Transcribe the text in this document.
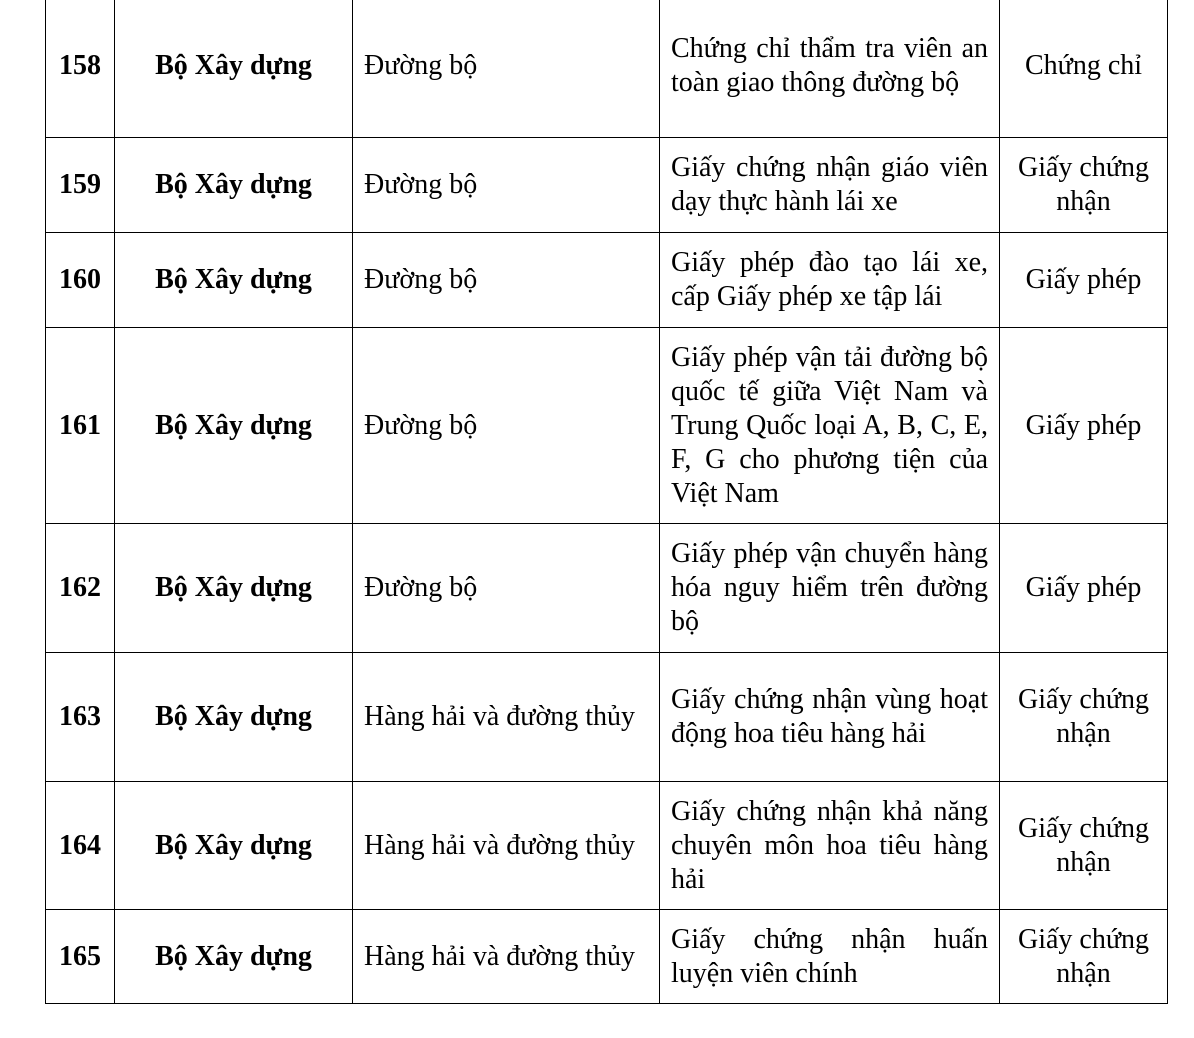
158	Bộ Xây dựng	Đường bộ	Chứng chỉ thẩm tra viên an toàn giao thông đường bộ	Chứng chỉ
159	Bộ Xây dựng	Đường bộ	Giấy chứng nhận giáo viên dạy thực hành lái xe	Giấy chứng nhận
160	Bộ Xây dựng	Đường bộ	Giấy phép đào tạo lái xe, cấp Giấy phép xe tập lái	Giấy phép
161	Bộ Xây dựng	Đường bộ	Giấy phép vận tải đường bộ quốc tế giữa Việt Nam và Trung Quốc loại A, B, C, E, F, G cho phương tiện của Việt Nam	Giấy phép
162	Bộ Xây dựng	Đường bộ	Giấy phép vận chuyển hàng hóa nguy hiểm trên đường bộ	Giấy phép
163	Bộ Xây dựng	Hàng hải và đường thủy	Giấy chứng nhận vùng hoạt động hoa tiêu hàng hải	Giấy chứng nhận
164	Bộ Xây dựng	Hàng hải và đường thủy	Giấy chứng nhận khả năng chuyên môn hoa tiêu hàng hải	Giấy chứng nhận
165	Bộ Xây dựng	Hàng hải và đường thủy	Giấy chứng nhận huấn luyện viên chính	Giấy chứng nhận
